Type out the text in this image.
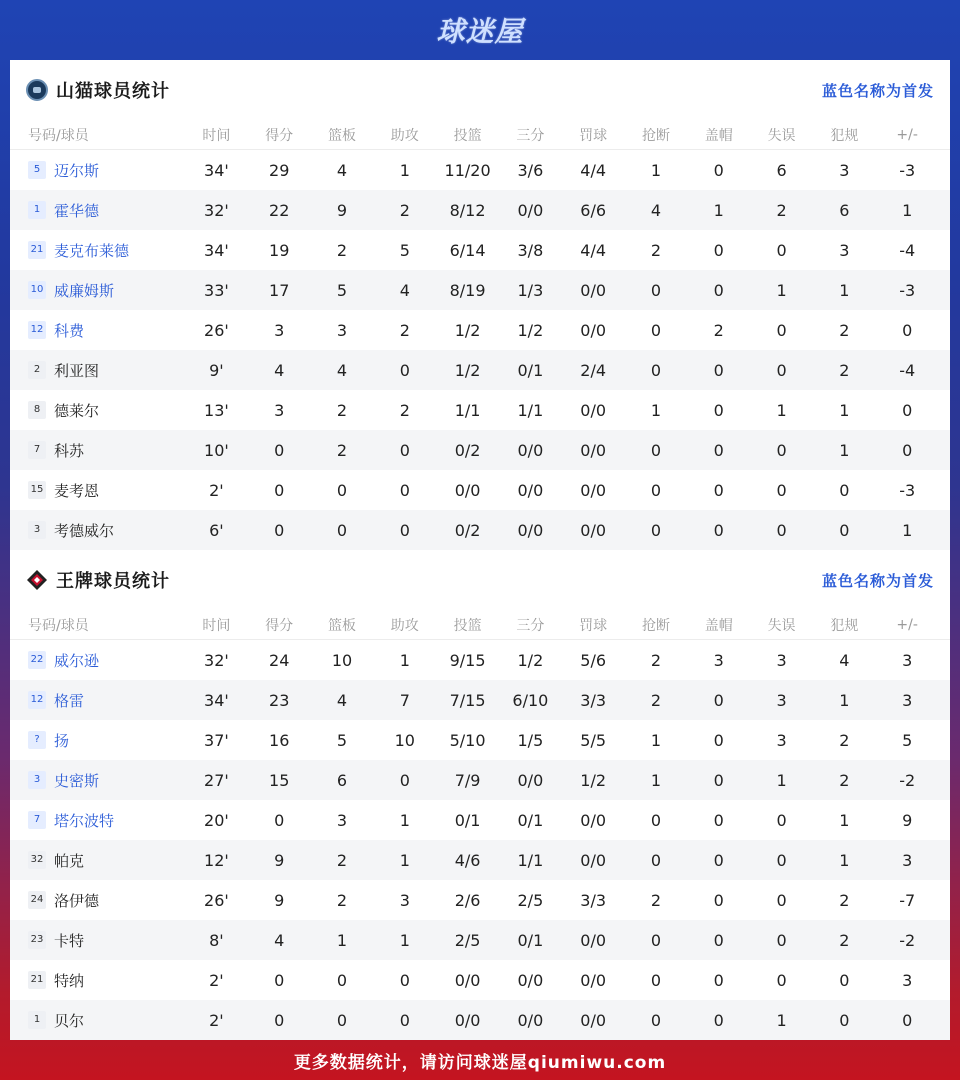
球迷屋
山猫球员统计	蓝色名称为首发
号码/球员	时间	得分	篮板	助攻	投篮	三分	罚球	抢断	盖帽	失误	犯规	+/-
5 迈尔斯	34'	29	4	1	11/20	3/6	4/4	1	0	6	3	-3
1 霍华德	32'	22	9	2	8/12	0/0	6/6	4	1	2	6	1
21 麦克布莱德	34'	19	2	5	6/14	3/8	4/4	2	0	0	3	-4
10 威廉姆斯	33'	17	5	4	8/19	1/3	0/0	0	0	1	1	-3
12 科费	26'	3	3	2	1/2	1/2	0/0	0	2	0	2	0
2 利亚图	9'	4	4	0	1/2	0/1	2/4	0	0	0	2	-4
8 德莱尔	13'	3	2	2	1/1	1/1	0/0	1	0	1	1	0
7 科苏	10'	0	2	0	0/2	0/0	0/0	0	0	0	1	0
15 麦考恩	2'	0	0	0	0/0	0/0	0/0	0	0	0	0	-3
3 考德威尔	6'	0	0	0	0/2	0/0	0/0	0	0	0	0	1
王牌球员统计	蓝色名称为首发
号码/球员	时间	得分	篮板	助攻	投篮	三分	罚球	抢断	盖帽	失误	犯规	+/-
22 威尔逊	32'	24	10	1	9/15	1/2	5/6	2	3	3	4	3
12 格雷	34'	23	4	7	7/15	6/10	3/3	2	0	3	1	3
? 扬	37'	16	5	10	5/10	1/5	5/5	1	0	3	2	5
3 史密斯	27'	15	6	0	7/9	0/0	1/2	1	0	1	2	-2
7 塔尔波特	20'	0	3	1	0/1	0/1	0/0	0	0	0	1	9
32 帕克	12'	9	2	1	4/6	1/1	0/0	0	0	0	1	3
24 洛伊德	26'	9	2	3	2/6	2/5	3/3	2	0	0	2	-7
23 卡特	8'	4	1	1	2/5	0/1	0/0	0	0	0	2	-2
21 特纳	2'	0	0	0	0/0	0/0	0/0	0	0	0	0	3
1 贝尔	2'	0	0	0	0/0	0/0	0/0	0	0	1	0	0
更多数据统计，请访问球迷屋qiumiwu.com
